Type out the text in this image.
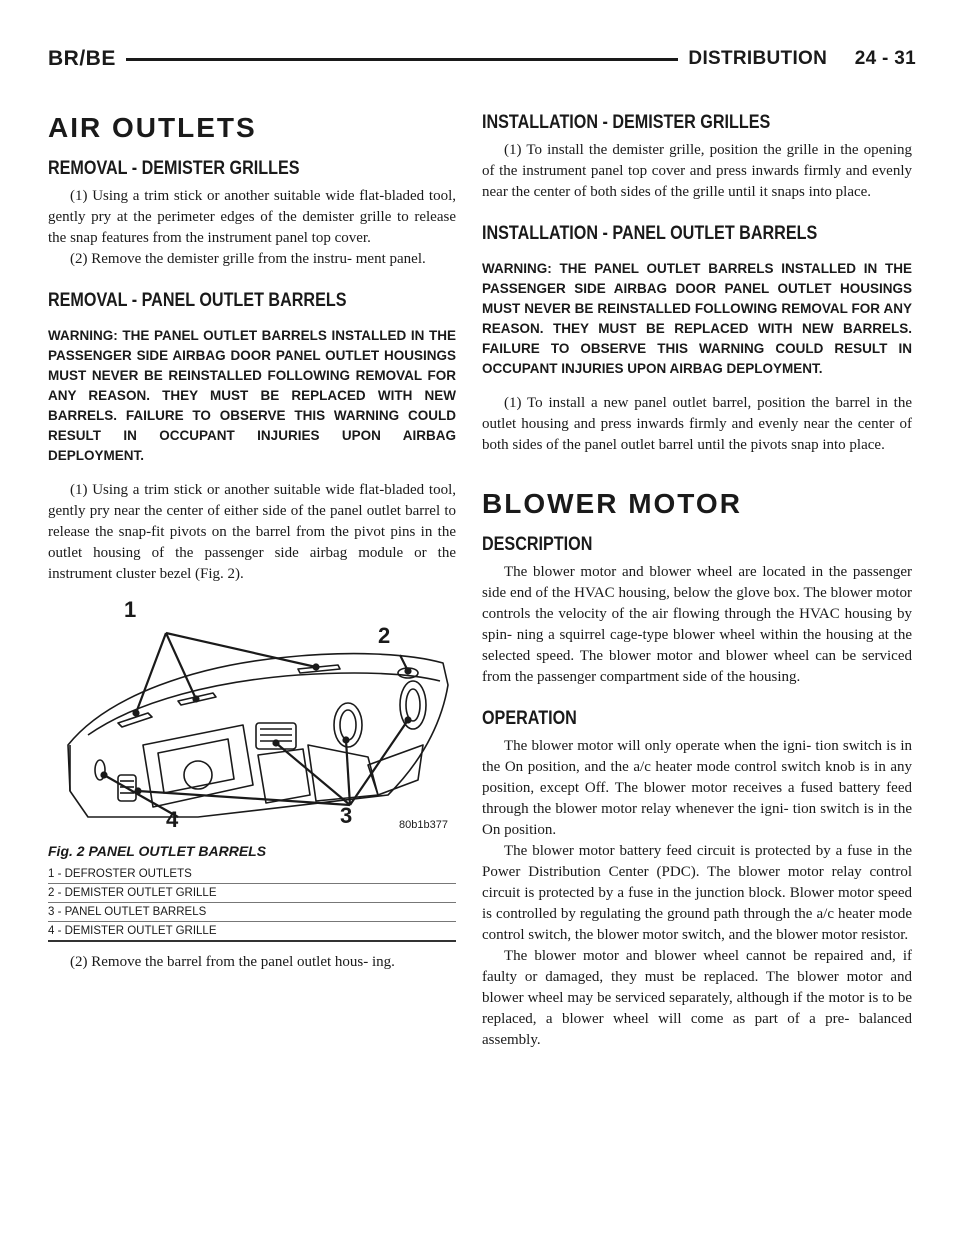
BR/BE	DISTRIBUTION 24 - 31
AIR OUTLETS
REMOVAL - DEMISTER GRILLES

(1) Using a trim stick or another suitable wide flat-bladed tool, gently pry at the perimeter edges of the demister grille to release the snap features from the instrument panel top cover.

(2) Remove the demister grille from the instru- ment panel.

REMOVAL - PANEL OUTLET BARRELS
WARNING: THE PANEL OUTLET BARRELS INSTALLED IN THE PASSENGER SIDE AIRBAG DOOR PANEL OUTLET HOUSINGS MUST NEVER BE REINSTALLED FOLLOWING REMOVAL FOR ANY REASON. THEY MUST BE REPLACED WITH NEW BARRELS. FAILURE TO OBSERVE THIS WARNING COULD RESULT IN OCCUPANT INJURIES UPON AIRBAG DEPLOYMENT.

(1) Using a trim stick or another suitable wide flat-bladed tool, gently pry near the center of either side of the panel outlet barrel to release the snap-fit pivots on the barrel from the pivot pins in the outlet housing of the passenger side airbag module or the instrument cluster bezel (Fig. 2).

1
2
3
4	80b1b377
Fig. 2 PANEL OUTLET BARRELS
1 - DEFROSTER OUTLETS
2 - DEMISTER OUTLET GRILLE
3 - PANEL OUTLET BARRELS
4 - DEMISTER OUTLET GRILLE

(2) Remove the barrel from the panel outlet hous- ing.

INSTALLATION - DEMISTER GRILLES

(1) To install the demister grille, position the grille in the opening of the instrument panel top cover and press inwards firmly and evenly near the center of both sides of the grille until it snaps into place.

INSTALLATION - PANEL OUTLET BARRELS
WARNING: THE PANEL OUTLET BARRELS INSTALLED IN THE PASSENGER SIDE AIRBAG DOOR PANEL OUTLET HOUSINGS MUST NEVER BE REINSTALLED FOLLOWING REMOVAL FOR ANY REASON. THEY MUST BE REPLACED WITH NEW BARRELS. FAILURE TO OBSERVE THIS WARNING COULD RESULT IN OCCUPANT INJURIES UPON AIRBAG DEPLOYMENT.

(1) To install a new panel outlet barrel, position the barrel in the outlet housing and press inwards firmly and evenly near the center of both sides of the panel outlet barrel until the pivots snap into place.

BLOWER MOTOR
DESCRIPTION

The blower motor and blower wheel are located in the passenger side end of the HVAC housing, below the glove box. The blower motor controls the velocity of the air flowing through the HVAC housing by spin- ning a squirrel cage-type blower wheel within the housing at the selected speed. The blower motor and blower wheel can be serviced from the passenger compartment side of the housing.

OPERATION

The blower motor will only operate when the igni- tion switch is in the On position, and the a/c heater mode control switch knob is in any position, except Off. The blower motor receives a fused battery feed through the blower motor relay whenever the igni- tion switch is in the On position.

The blower motor battery feed circuit is protected by a fuse in the Power Distribution Center (PDC). The blower motor relay control circuit is protected by a fuse in the junction block. Blower motor speed is controlled by regulating the ground path through the a/c heater mode control switch, the blower motor switch, and the blower motor resistor.

The blower motor and blower wheel cannot be repaired and, if faulty or damaged, they must be replaced. The blower motor and blower wheel may be serviced separately, although if the motor is to be replaced, a blower wheel will come as part of a pre- balanced assembly.
